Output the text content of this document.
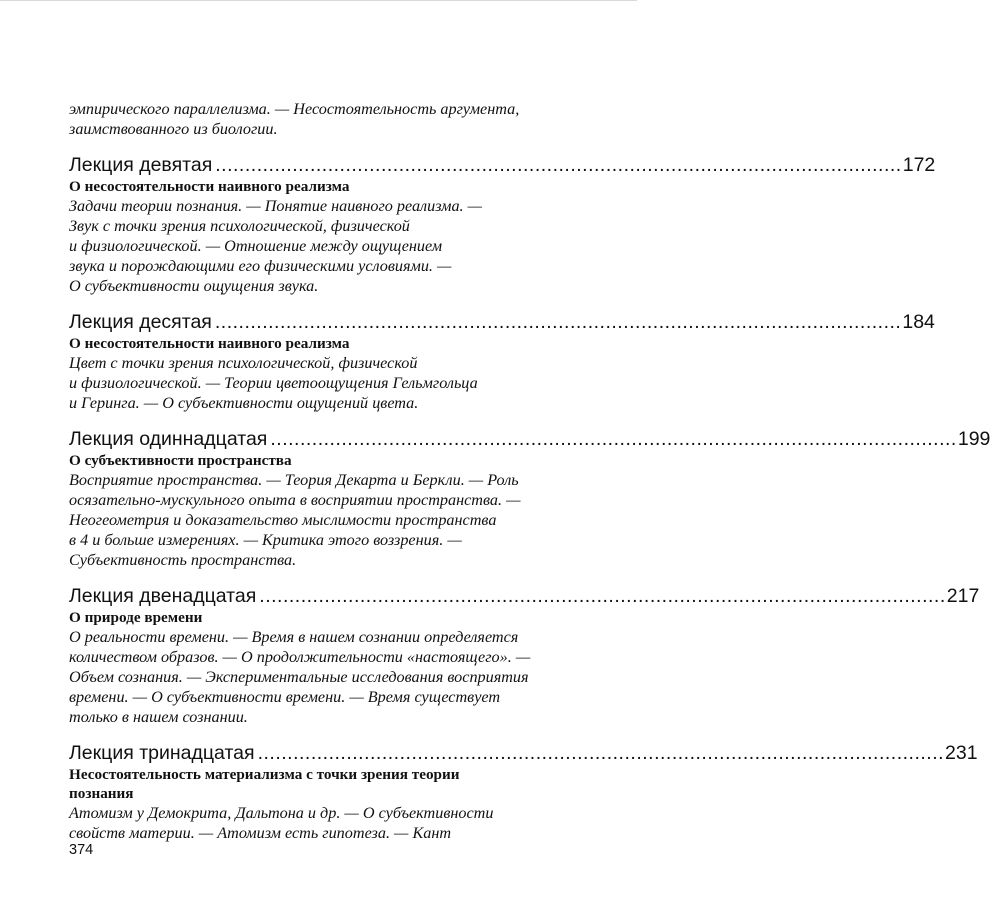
эмпирического параллелизма. — Несостоятельность аргумента,
заимствованного из биологии.

Лекция девятая .................................................................................................................... 172

О несостоятельности наивного реализма

Задачи теории познания. — Понятие наивного реализма. —
Звук с точки зрения психологической, физической
и физиологической. — Отношение между ощущением
звука и порождающими его физическими условиями. —
О субъективности ощущения звука.

Лекция десятая .................................................................................................................... 184

О несостоятельности наивного реализма

Цвет с точки зрения психологической, физической
и физиологической. — Теории цветоощущения Гельмгольца
и Геринга. — О субъективности ощущений цвета.

Лекция одиннадцатая .................................................................................................................... 199

О субъективности пространства

Восприятие пространства. — Теория Декарта и Беркли. — Роль
осязательно-мускульного опыта в восприятии пространства. —
Неогеометрия и доказательство мыслимости пространства
в 4 и больше измерениях. — Критика этого воззрения. —
Субъективность пространства.

Лекция двенадцатая .................................................................................................................... 217

О природе времени

О реальности времени. — Время в нашем сознании определяется
количеством образов. — О продолжительности «настоящего». —
Объем сознания. — Экспериментальные исследования восприятия
времени. — О субъективности времени. — Время существует
только в нашем сознании.

Лекция тринадцатая .................................................................................................................... 231

Несостоятельность материализма с точки зрения теории
познания

Атомизм у Демокрита, Дальтона и др. — О субъективности
свойств материи. — Атомизм есть гипотеза. — Кант

374
